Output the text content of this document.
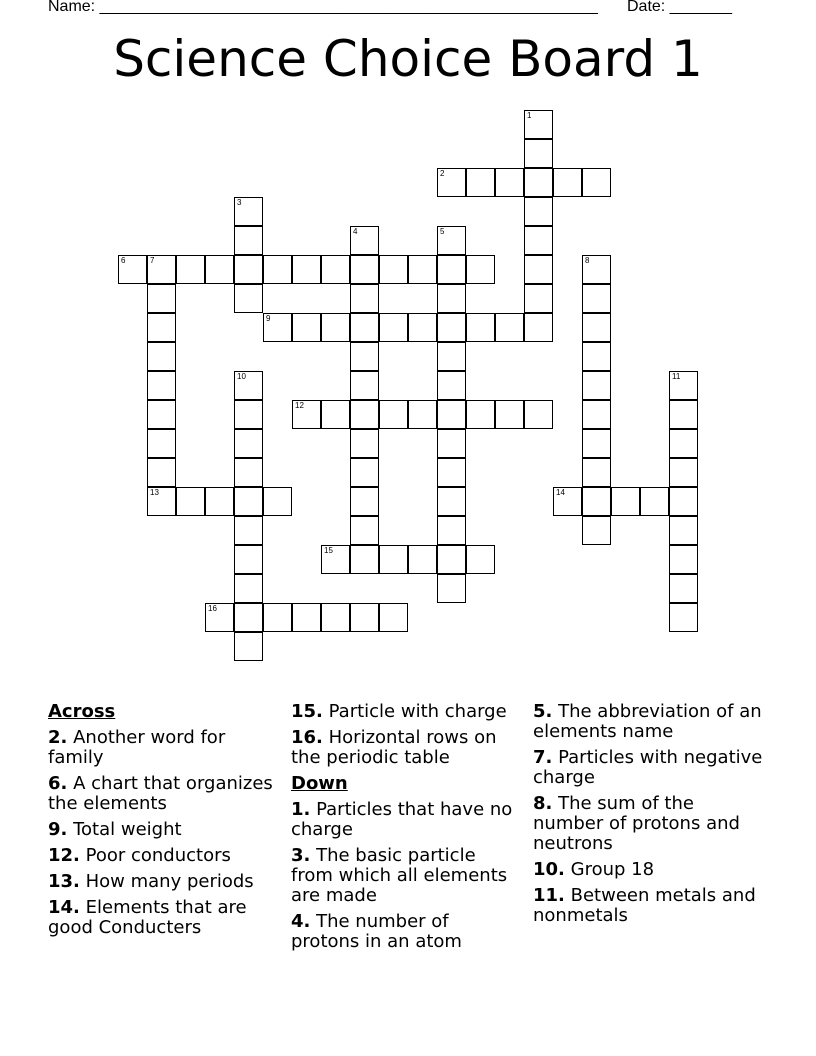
Name: ________________________________________________________ Date: _______
Science Choice Board 1
1
2
3
4	5
6	7
13
8
9
10	11
12
14
15
16
Across
2. Another word for family
6. A chart that organizes the elements
9. Total weight
12. Poor conductors
13. How many periods
14. Elements that are good Conducters
15. Particle with charge
16. Horizontal rows on the periodic table
Down
1. Particles that have no charge
3. The basic particle from which all elements are made
4. The number of protons in an atom
5. The abbreviation of an elements name
7. Particles with negative charge
8. The sum of the number of protons and neutrons
10. Group 18
11. Between metals and nonmetals
